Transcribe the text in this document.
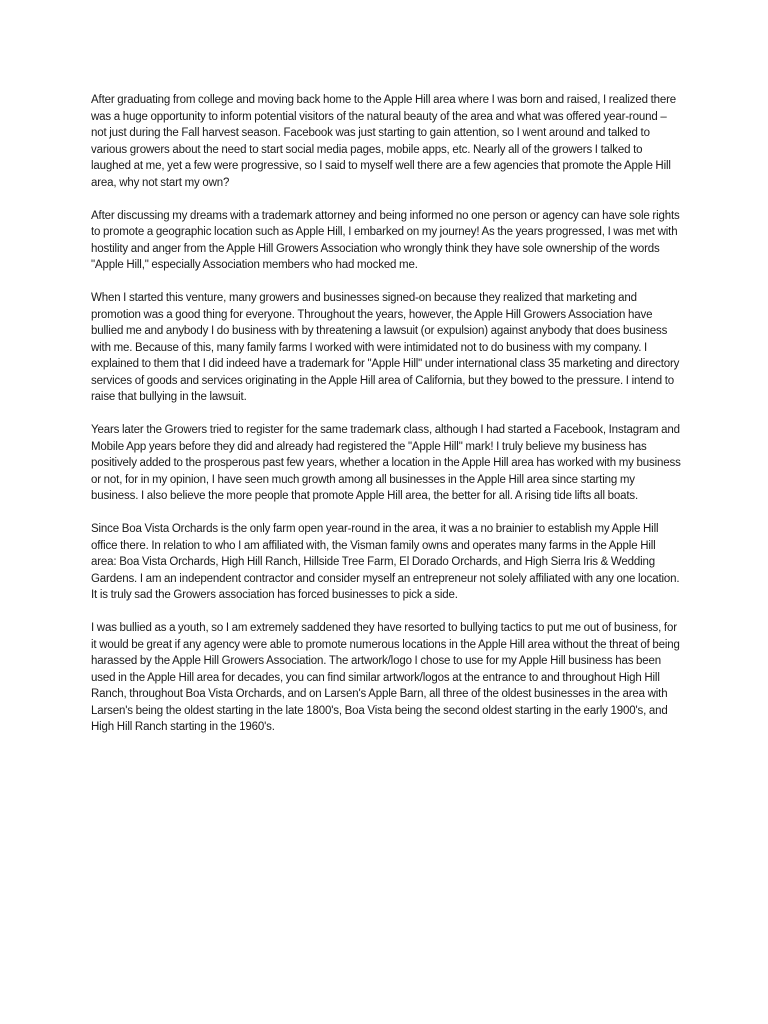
After graduating from college and moving back home to the Apple Hill area where I was born and raised, I realized there was a huge opportunity to inform potential visitors of the natural beauty of the area and what was offered year-round – not just during the Fall harvest season. Facebook was just starting to gain attention, so I went around and talked to various growers about the need to start social media pages, mobile apps, etc. Nearly all of the growers I talked to laughed at me, yet a few were progressive, so I said to myself well there are a few agencies that promote the Apple Hill area, why not start my own?

After discussing my dreams with a trademark attorney and being informed no one person or agency can have sole rights to promote a geographic location such as Apple Hill, I embarked on my journey! As the years progressed, I was met with hostility and anger from the Apple Hill Growers Association who wrongly think they have sole ownership of the words "Apple Hill," especially Association members who had mocked me.

When I started this venture, many growers and businesses signed-on because they realized that marketing and promotion was a good thing for everyone. Throughout the years, however, the Apple Hill Growers Association have bullied me and anybody I do business with by threatening a lawsuit (or expulsion) against anybody that does business with me. Because of this, many family farms I worked with were intimidated not to do business with my company. I explained to them that I did indeed have a trademark for "Apple Hill" under international class 35 marketing and directory services of goods and services originating in the Apple Hill area of California, but they bowed to the pressure. I intend to raise that bullying in the lawsuit.

Years later the Growers tried to register for the same trademark class, although I had started a Facebook, Instagram and Mobile App years before they did and already had registered the "Apple Hill" mark! I truly believe my business has positively added to the prosperous past few years, whether a location in the Apple Hill area has worked with my business or not, for in my opinion, I have seen much growth among all businesses in the Apple Hill area since starting my business. I also believe the more people that promote Apple Hill area, the better for all. A rising tide lifts all boats.

Since Boa Vista Orchards is the only farm open year-round in the area, it was a no brainier to establish my Apple Hill office there. In relation to who I am affiliated with, the Visman family owns and operates many farms in the Apple Hill area: Boa Vista Orchards, High Hill Ranch, Hillside Tree Farm, El Dorado Orchards, and High Sierra Iris & Wedding Gardens. I am an independent contractor and consider myself an entrepreneur not solely affiliated with any one location. It is truly sad the Growers association has forced businesses to pick a side.

I was bullied as a youth, so I am extremely saddened they have resorted to bullying tactics to put me out of business, for it would be great if any agency were able to promote numerous locations in the Apple Hill area without the threat of being harassed by the Apple Hill Growers Association. The artwork/logo I chose to use for my Apple Hill business has been used in the Apple Hill area for decades, you can find similar artwork/logos at the entrance to and throughout High Hill Ranch, throughout Boa Vista Orchards, and on Larsen's Apple Barn, all three of the oldest businesses in the area with Larsen's being the oldest starting in the late 1800's, Boa Vista being the second oldest starting in the early 1900's, and High Hill Ranch starting in the 1960's.
